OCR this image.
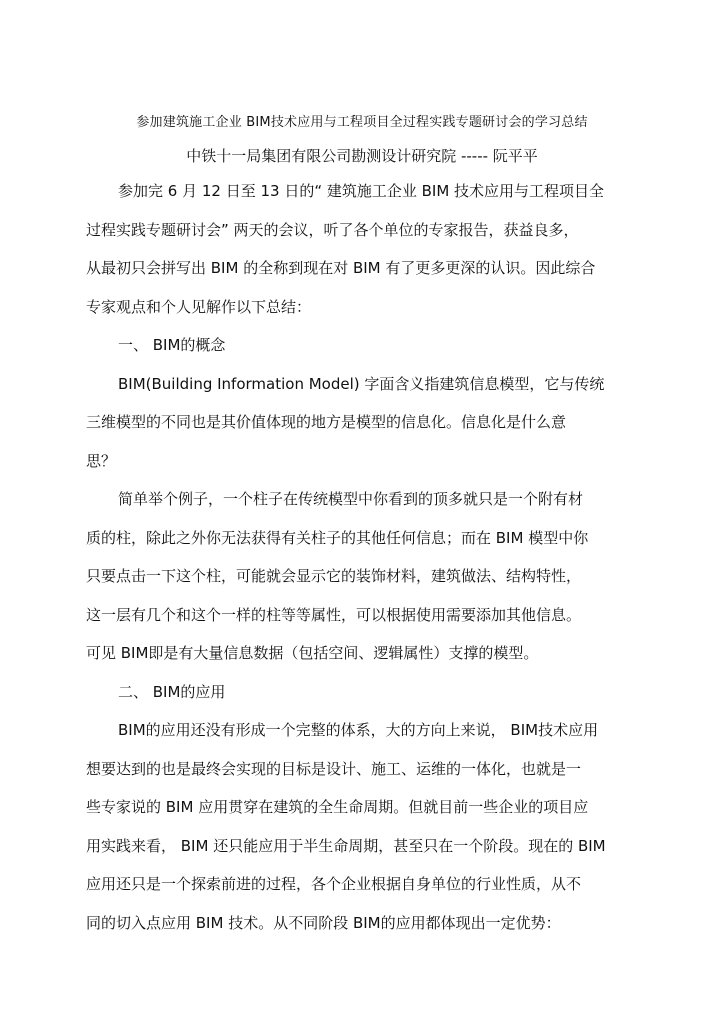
参加建筑施工企业 BIM技术应用与工程项目全过程实践专题研讨会的学习总结
中铁十一局集团有限公司勘测设计研究院 ----- 阮平平
参加完 6 月 12 日至 13 日的“ 建筑施工企业 BIM 技术应用与工程项目全
过程实践专题研讨会” 两天的会议，听了各个单位的专家报告，获益良多，
从最初只会拼写出 BIM 的全称到现在对 BIM 有了更多更深的认识。因此综合
专家观点和个人见解作以下总结：
一、 BIM的概念
BIM(Building Information Model) 字面含义指建筑信息模型，它与传统
三维模型的不同也是其价值体现的地方是模型的信息化。信息化是什么意
思？
简单举个例子，一个柱子在传统模型中你看到的顶多就只是一个附有材
质的柱，除此之外你无法获得有关柱子的其他任何信息；而在 BIM 模型中你
只要点击一下这个柱，可能就会显示它的装饰材料，建筑做法、结构特性，
这一层有几个和这个一样的柱等等属性，可以根据使用需要添加其他信息。
可见 BIM即是有大量信息数据（包括空间、逻辑属性）支撑的模型。
二、 BIM的应用
BIM的应用还没有形成一个完整的体系，大的方向上来说， BIM技术应用
想要达到的也是最终会实现的目标是设计、施工、运维的一体化，也就是一
些专家说的 BIM 应用贯穿在建筑的全生命周期。但就目前一些企业的项目应
用实践来看， BIM 还只能应用于半生命周期，甚至只在一个阶段。现在的 BIM
应用还只是一个探索前进的过程，各个企业根据自身单位的行业性质，从不
同的切入点应用 BIM 技术。从不同阶段 BIM的应用都体现出一定优势：
